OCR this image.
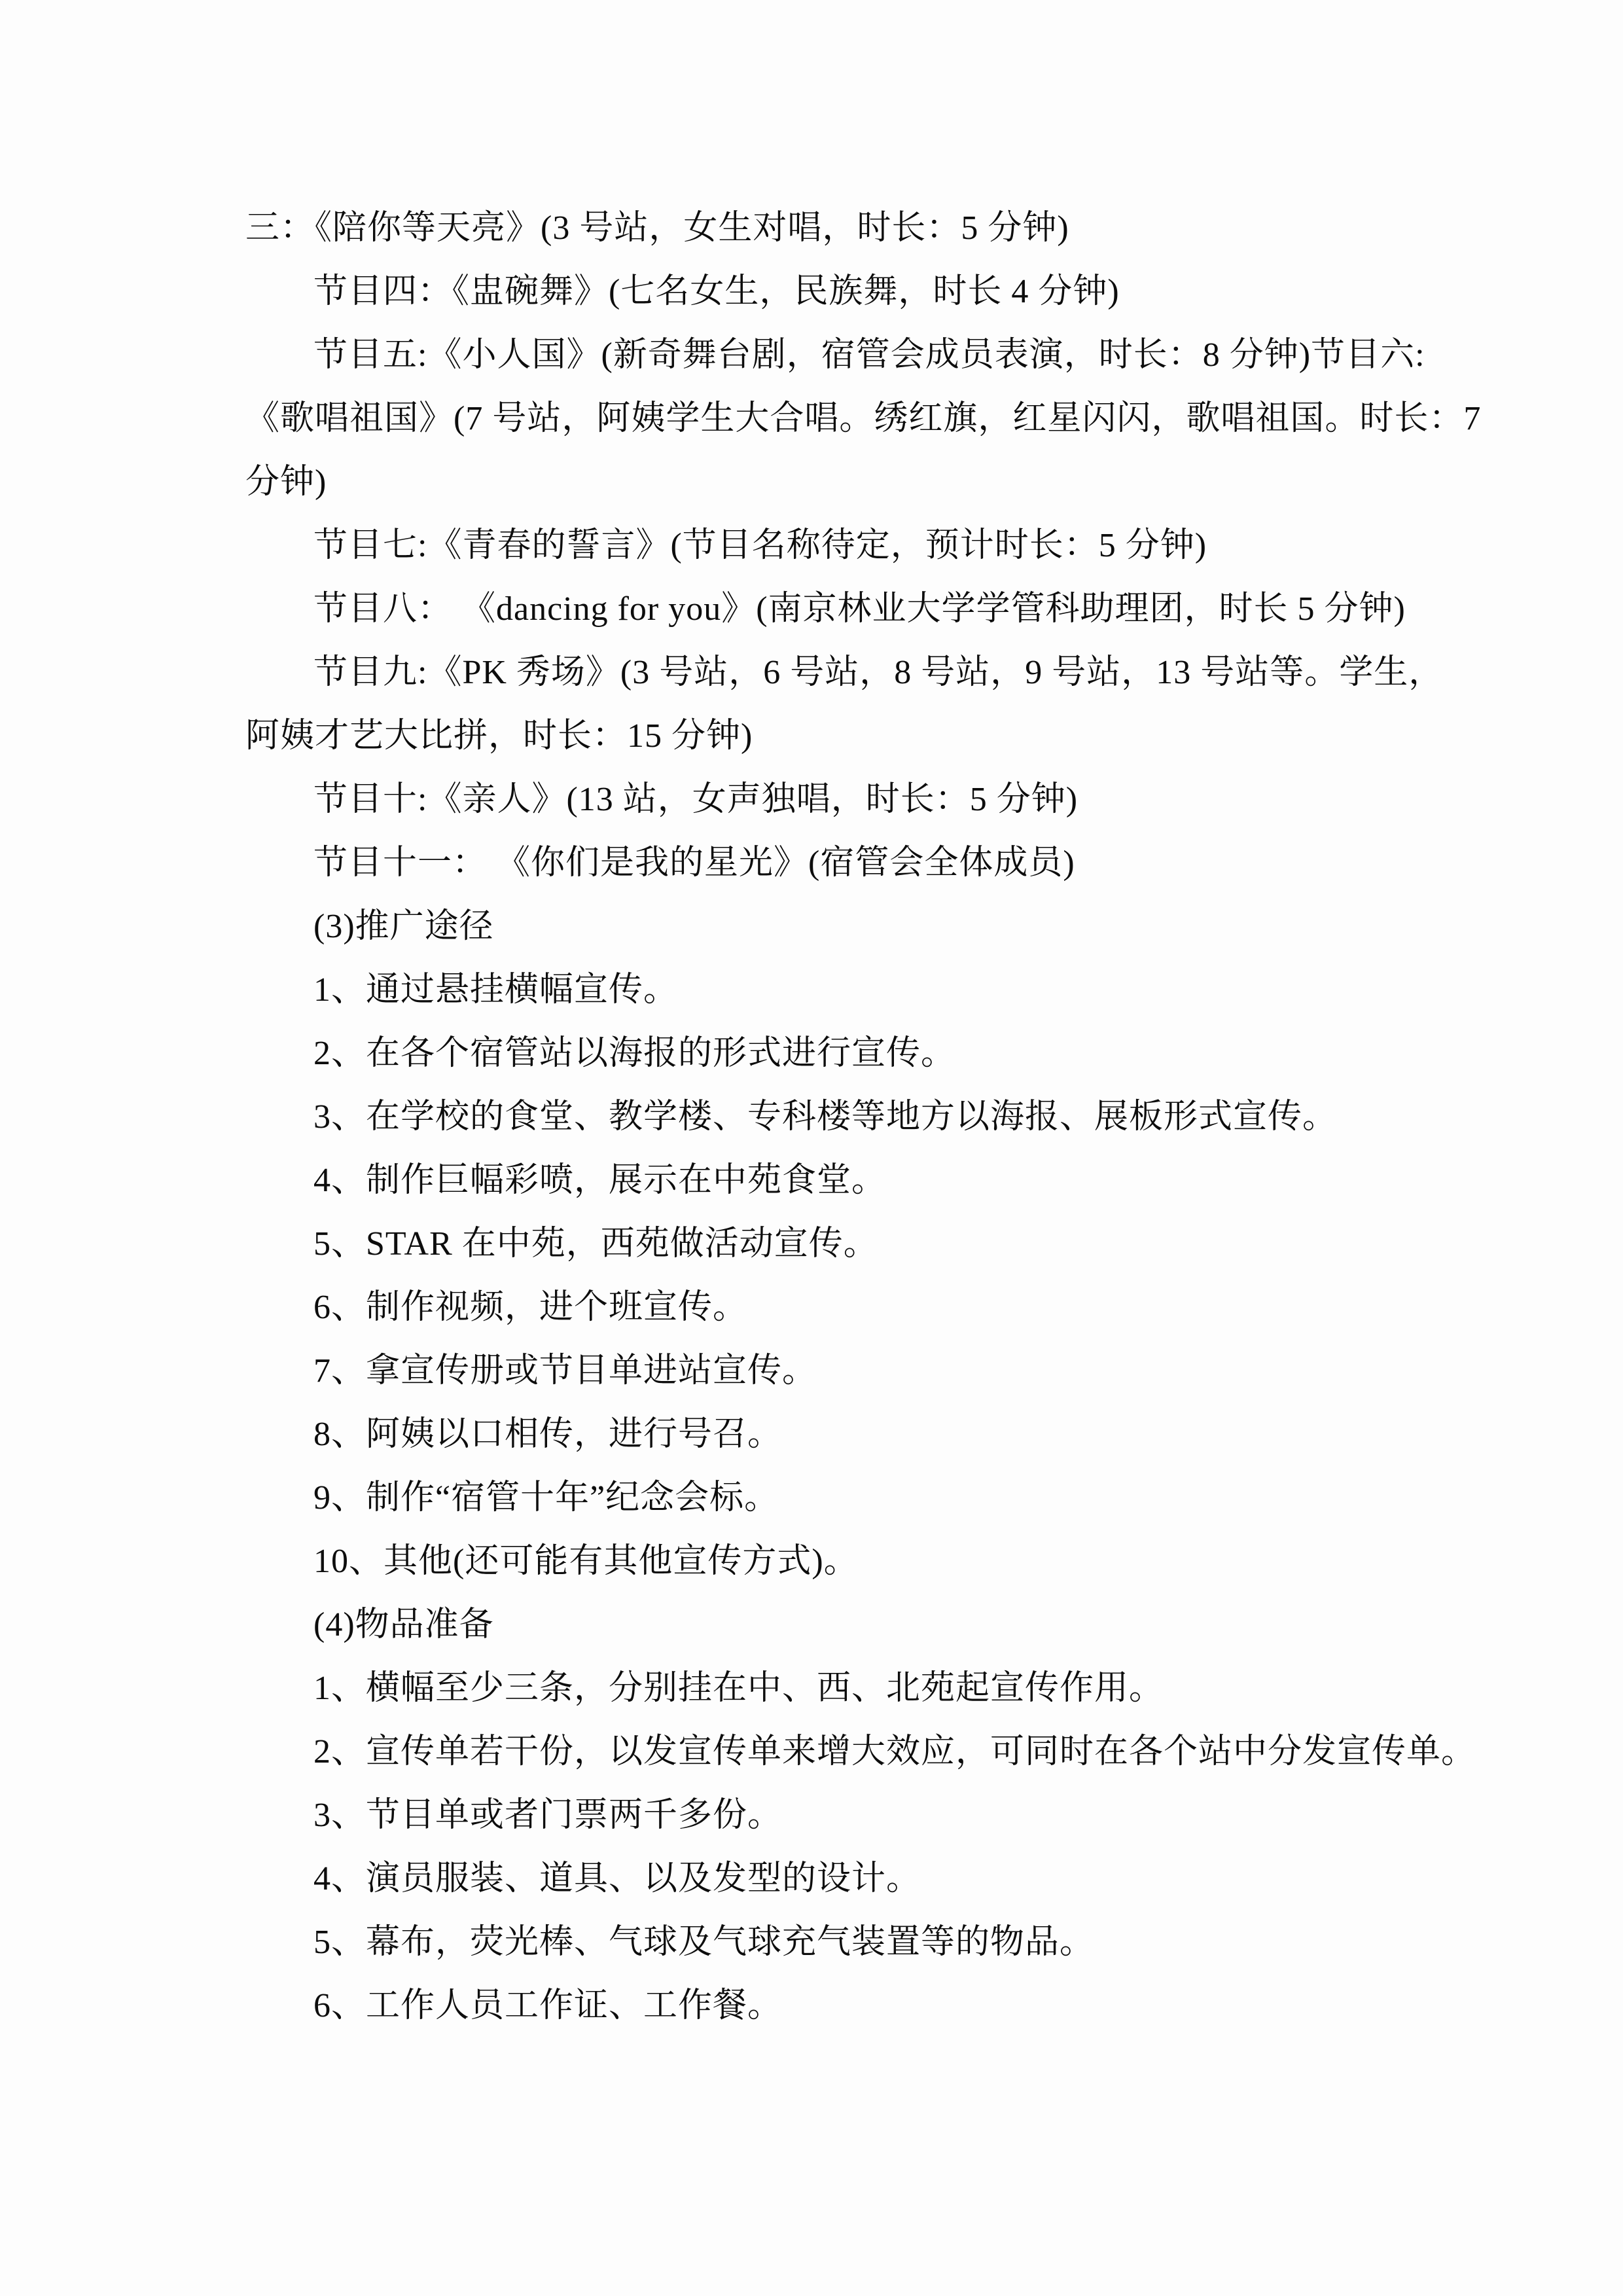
三：《陪你等天亮》(3 号站，女生对唱，时长：5 分钟)
节目四：《盅碗舞》(七名女生，民族舞，时长 4 分钟)
节目五:《小人国》(新奇舞台剧，宿管会成员表演，时长：8 分钟)节目六:
《歌唱祖国》(7 号站，阿姨学生大合唱。绣红旗，红星闪闪，歌唱祖国。时长：7
分钟)
节目七:《青春的誓言》(节目名称待定，预计时长：5 分钟)
节目八： 《dancing for you》(南京林业大学学管科助理团，时长 5 分钟)
节目九:《PK 秀场》(3 号站，6 号站，8 号站，9 号站，13 号站等。学生，
阿姨才艺大比拼，时长：15 分钟)
节目十:《亲人》(13 站，女声独唱，时长：5 分钟)
节目十一： 《你们是我的星光》(宿管会全体成员)
(3)推广途径
1、通过悬挂横幅宣传。
2、在各个宿管站以海报的形式进行宣传。
3、在学校的食堂、教学楼、专科楼等地方以海报、展板形式宣传。
4、制作巨幅彩喷，展示在中苑食堂。
5、STAR 在中苑，西苑做活动宣传。
6、制作视频，进个班宣传。
7、拿宣传册或节目单进站宣传。
8、阿姨以口相传，进行号召。
9、制作“宿管十年”纪念会标。
10、其他(还可能有其他宣传方式)。
(4)物品准备
1、横幅至少三条，分别挂在中、西、北苑起宣传作用。
2、宣传单若干份，以发宣传单来增大效应，可同时在各个站中分发宣传单。
3、节目单或者门票两千多份。
4、演员服装、道具、以及发型的设计。
5、幕布，荧光棒、气球及气球充气装置等的物品。
6、工作人员工作证、工作餐。
